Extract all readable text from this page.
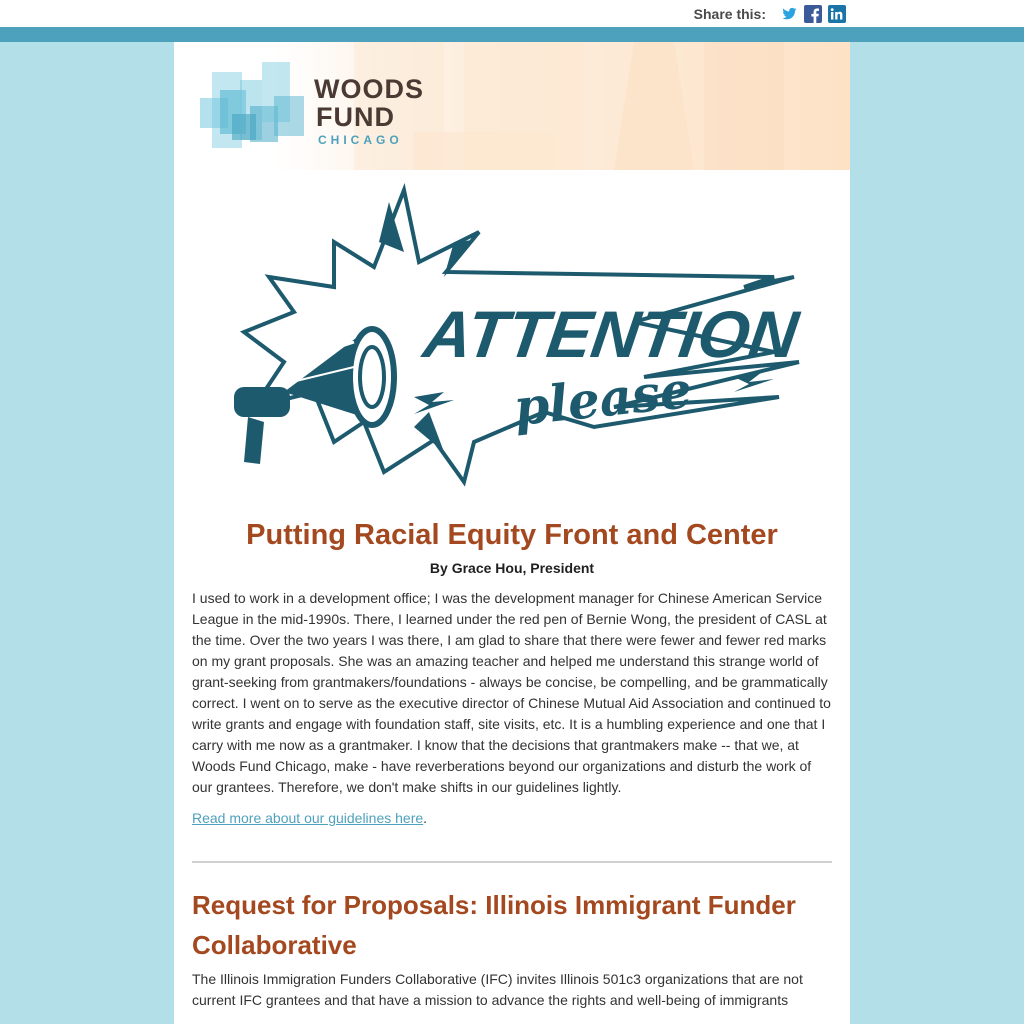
Share this:
WOODS
FUND
CHICAGO
ATTENTION
please
Putting Racial Equity Front and Center
By Grace Hou, President

I used to work in a development office; I was the development manager for Chinese American Service League in the mid-1990s. There, I learned under the red pen of Bernie Wong, the president of CASL at the time. Over the two years I was there, I am glad to share that there were fewer and fewer red marks on my grant proposals. She was an amazing teacher and helped me understand this strange world of grant-seeking from grantmakers/foundations - always be concise, be compelling, and be grammatically correct. I went on to serve as the executive director of Chinese Mutual Aid Association and continued to write grants and engage with foundation staff, site visits, etc. It is a humbling experience and one that I carry with me now as a grantmaker. I know that the decisions that grantmakers make -- that we, at Woods Fund Chicago, make - have reverberations beyond our organizations and disturb the work of our grantees. Therefore, we don't make shifts in our guidelines lightly.

Read more about our guidelines here.

Request for Proposals: Illinois Immigrant Funder Collaborative

The Illinois Immigration Funders Collaborative (IFC) invites Illinois 501c3 organizations that are not current IFC grantees and that have a mission to advance the rights and well-being of immigrants
